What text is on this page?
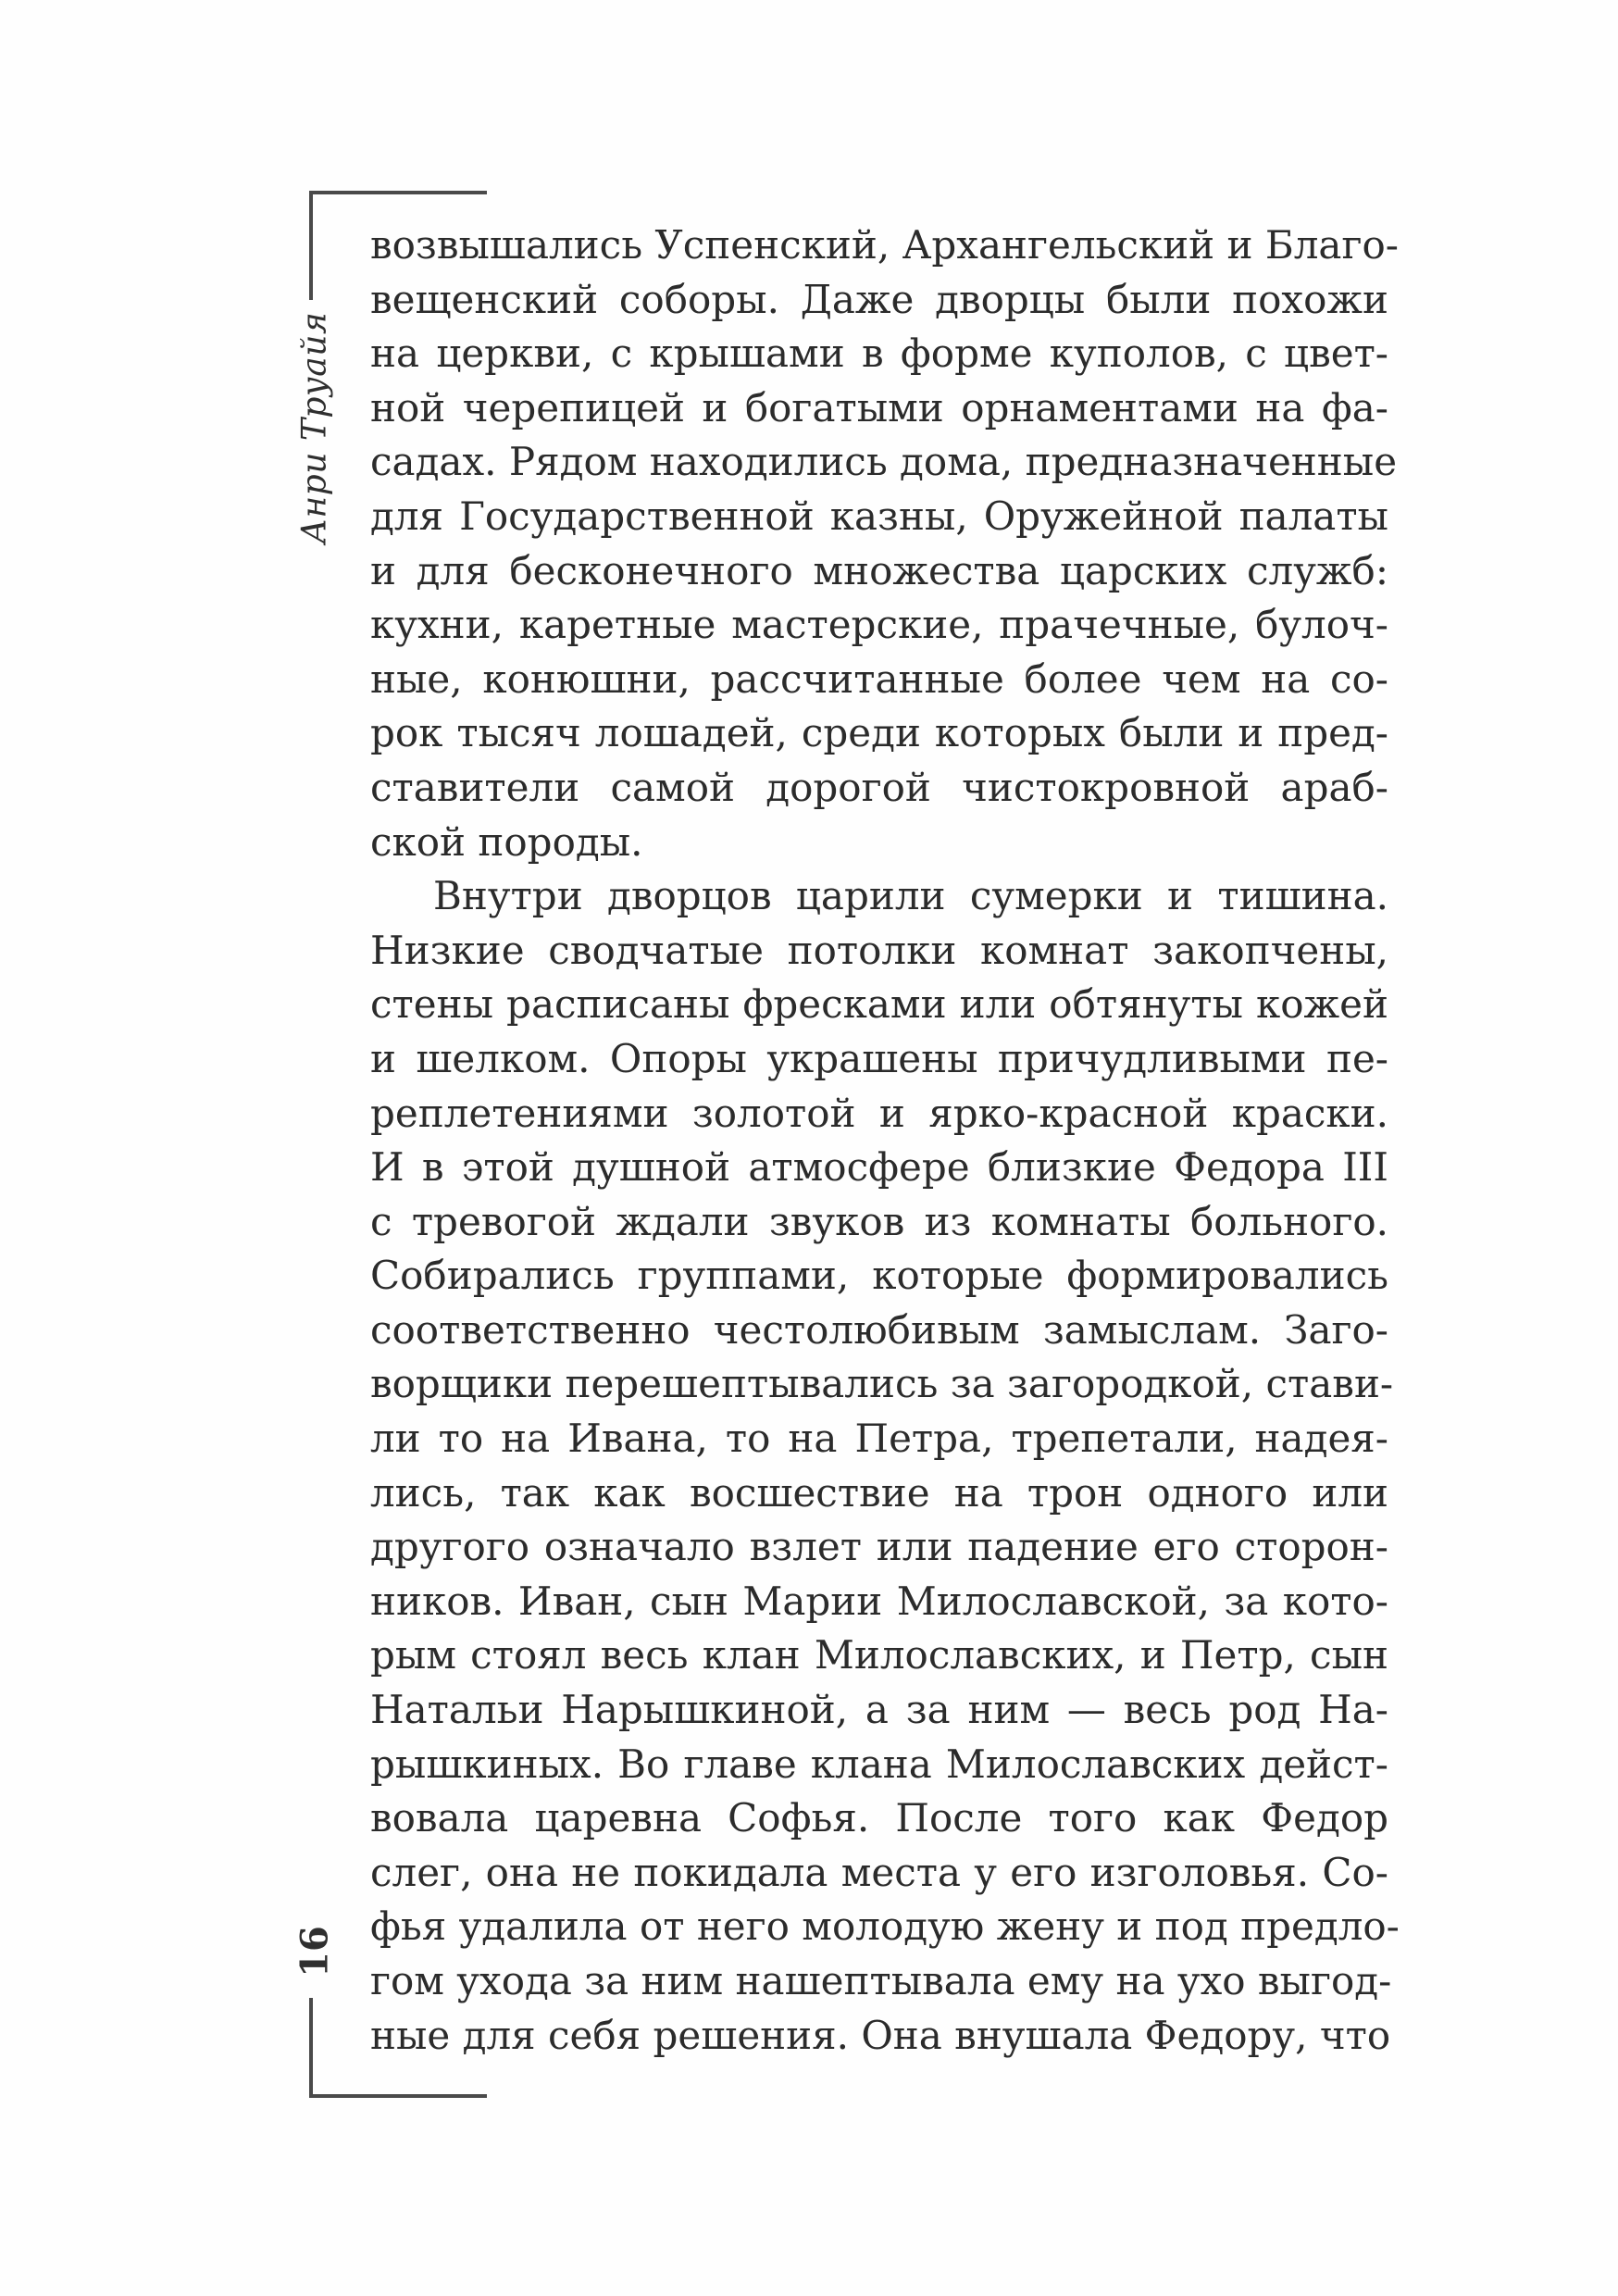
Анри Труайя
16
возвышались Успенский, Архангельский и Благо-
вещенский соборы. Даже дворцы были похожи
на церкви, с крышами в форме куполов, с цвет-
ной черепицей и богатыми орнаментами на фа-
садах. Рядом находились дома, предназначенные
для Государственной казны, Оружейной палаты
и для бесконечного множества царских служб:
кухни, каретные мастерские, прачечные, булоч-
ные, конюшни, рассчитанные более чем на со-
рок тысяч лошадей, среди которых были и пред-
ставители самой дорогой чистокровной араб-
ской породы.
Внутри дворцов царили сумерки и тишина.
Низкие сводчатые потолки комнат закопчены,
стены расписаны фресками или обтянуты кожей
и шелком. Опоры украшены причудливыми пе-
реплетениями золотой и ярко-красной краски.
И в этой душной атмосфере близкие Федора III
с тревогой ждали звуков из комнаты больного.
Собирались группами, которые формировались
соответственно честолюбивым замыслам. Заго-
ворщики перешептывались за загородкой, стави-
ли то на Ивана, то на Петра, трепетали, надея-
лись, так как восшествие на трон одного или
другого означало взлет или падение его сторон-
ников. Иван, сын Марии Милославской, за кото-
рым стоял весь клан Милославских, и Петр, сын
Натальи Нарышкиной, а за ним — весь род На-
рышкиных. Во главе клана Милославских дейст-
вовала царевна Софья. После того как Федор
слег, она не покидала места у его изголовья. Со-
фья удалила от него молодую жену и под предло-
гом ухода за ним нашептывала ему на ухо выгод-
ные для себя решения. Она внушала Федору, что
